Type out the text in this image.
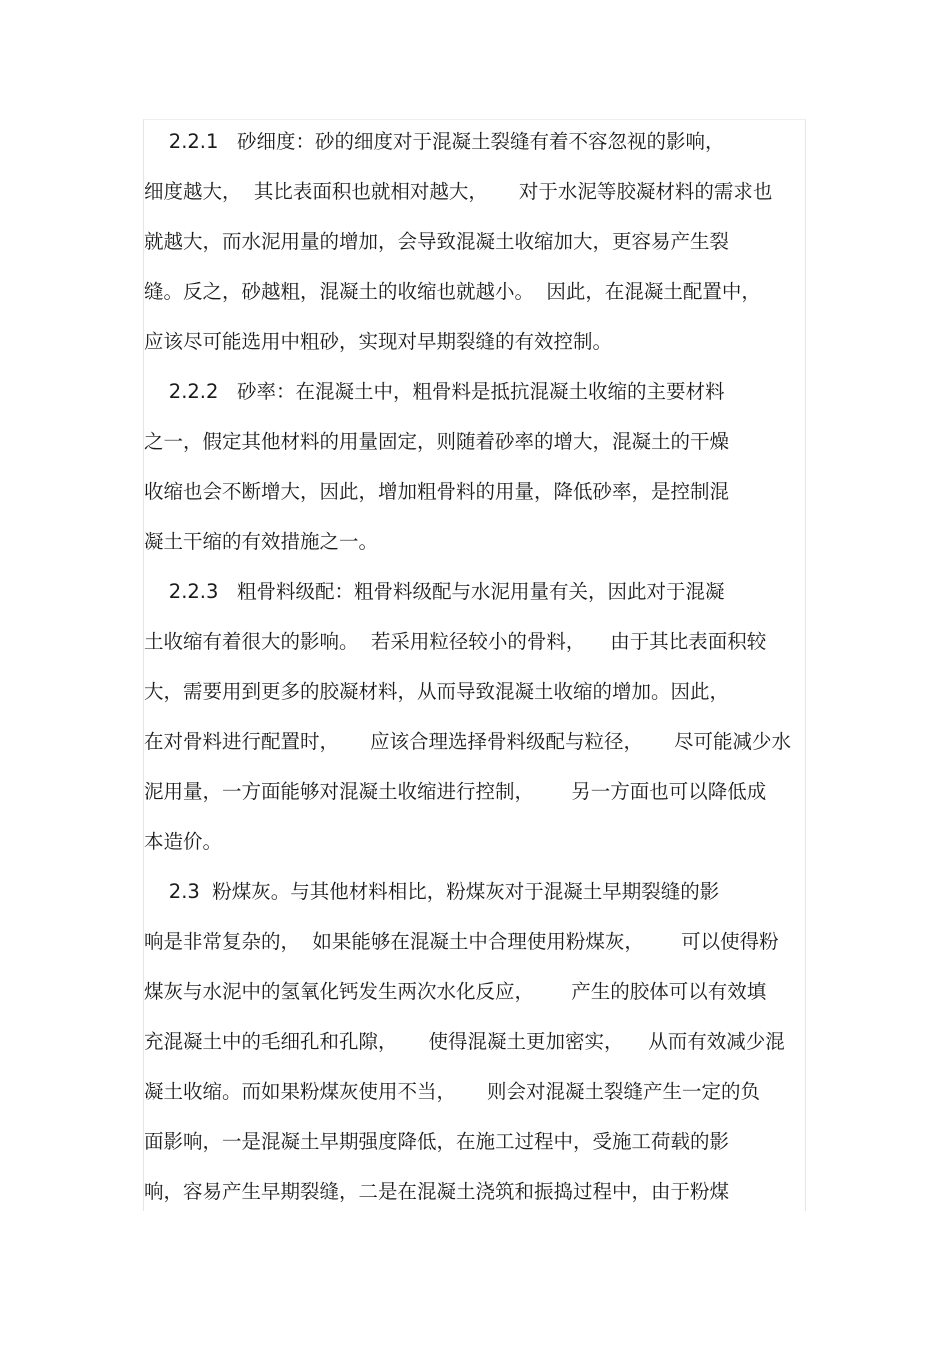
2.2.1   砂细度：砂的细度对于混凝土裂缝有着不容忽视的影响，
细度越大，  其比表面积也就相对越大，     对于水泥等胶凝材料的需求也
就越大，而水泥用量的增加，会导致混凝土收缩加大，更容易产生裂
缝。反之，砂越粗，混凝土的收缩也就越小。  因此，在混凝土配置中，
应该尽可能选用中粗砂，实现对早期裂缝的有效控制。
2.2.2   砂率：在混凝土中，粗骨料是抵抗混凝土收缩的主要材料
之一，假定其他材料的用量固定，则随着砂率的增大，混凝土的干燥
收缩也会不断增大，因此，增加粗骨料的用量，降低砂率，是控制混
凝土干缩的有效措施之一。
2.2.3   粗骨料级配：粗骨料级配与水泥用量有关，因此对于混凝
土收缩有着很大的影响。  若采用粒径较小的骨料，    由于其比表面积较
大，需要用到更多的胶凝材料，从而导致混凝土收缩的增加。因此，
在对骨料进行配置时，     应该合理选择骨料级配与粒径，     尽可能减少水
泥用量，一方面能够对混凝土收缩进行控制，      另一方面也可以降低成
本造价。
2.3  粉煤灰。与其他材料相比，粉煤灰对于混凝土早期裂缝的影
响是非常复杂的，  如果能够在混凝土中合理使用粉煤灰，      可以使得粉
煤灰与水泥中的氢氧化钙发生两次水化反应，      产生的胶体可以有效填
充混凝土中的毛细孔和孔隙，     使得混凝土更加密实，    从而有效减少混
凝土收缩。而如果粉煤灰使用不当，     则会对混凝土裂缝产生一定的负
面影响，一是混凝土早期强度降低，在施工过程中，受施工荷载的影
响，容易产生早期裂缝，二是在混凝土浇筑和振捣过程中，由于粉煤
